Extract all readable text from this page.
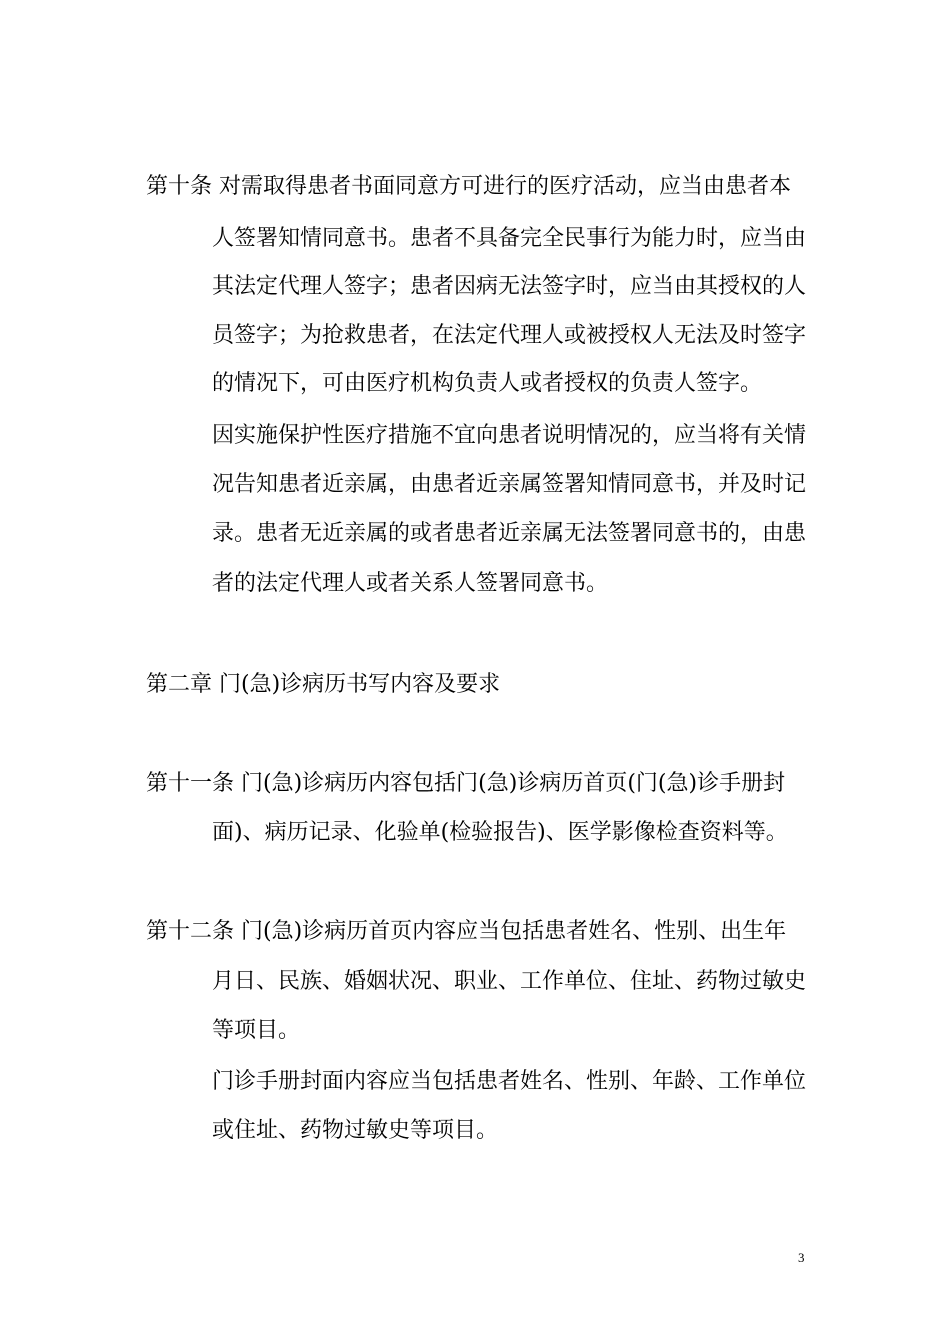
第十条 对需取得患者书面同意方可进行的医疗活动，应当由患者本
人签署知情同意书。患者不具备完全民事行为能力时，应当由
其法定代理人签字；患者因病无法签字时，应当由其授权的人
员签字；为抢救患者，在法定代理人或被授权人无法及时签字
的情况下，可由医疗机构负责人或者授权的负责人签字。
因实施保护性医疗措施不宜向患者说明情况的，应当将有关情
况告知患者近亲属，由患者近亲属签署知情同意书，并及时记
录。患者无近亲属的或者患者近亲属无法签署同意书的，由患
者的法定代理人或者关系人签署同意书。
第二章 门(急)诊病历书写内容及要求
第十一条 门(急)诊病历内容包括门(急)诊病历首页(门(急)诊手册封
面)、病历记录、化验单(检验报告)、医学影像检查资料等。
第十二条 门(急)诊病历首页内容应当包括患者姓名、性别、出生年
月日、民族、婚姻状况、职业、工作单位、住址、药物过敏史
等项目。
门诊手册封面内容应当包括患者姓名、性别、年龄、工作单位
或住址、药物过敏史等项目。
3
